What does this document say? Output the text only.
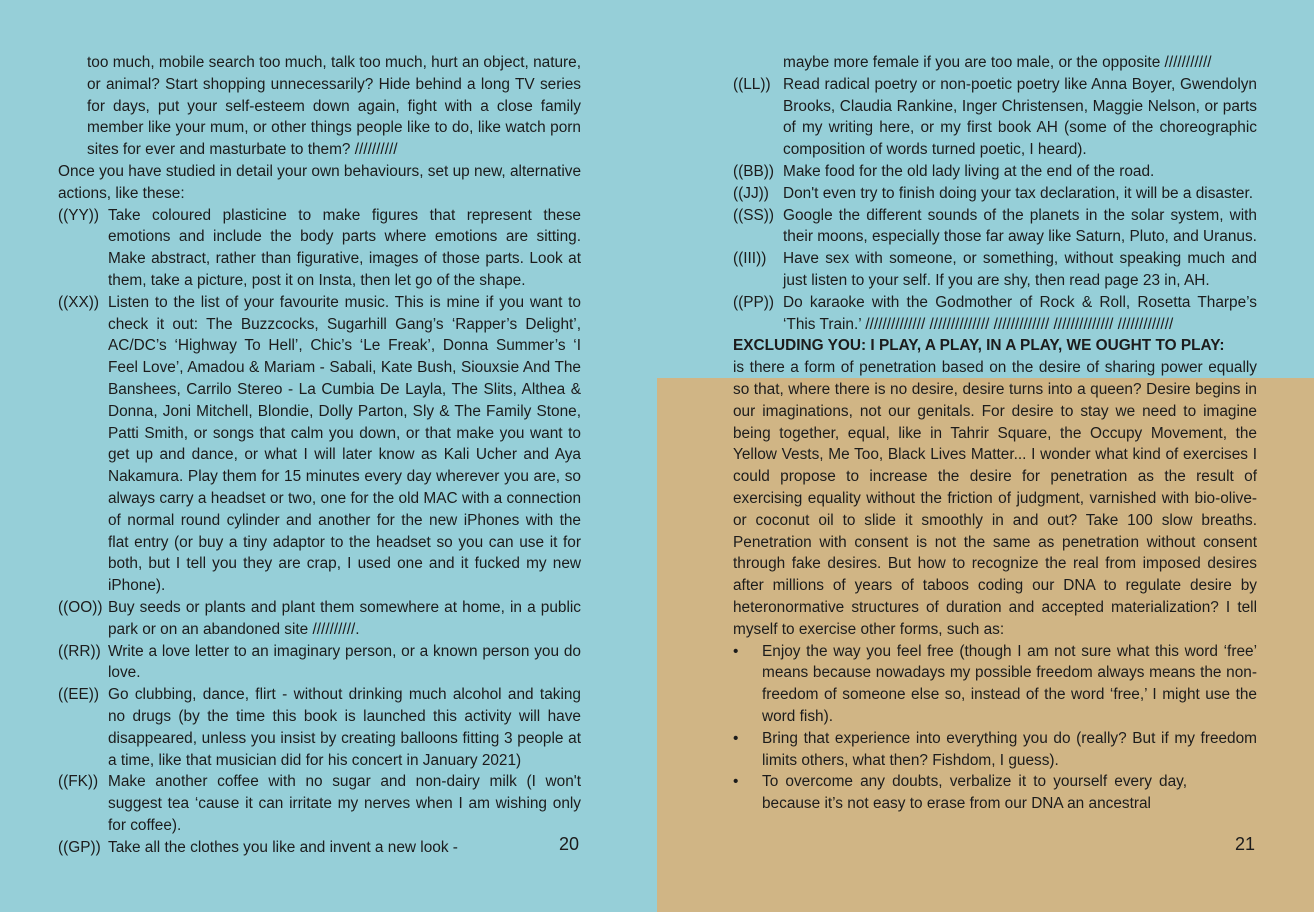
too much, mobile search too much, talk too much, hurt an object, nature, or animal? Start shopping unnecessarily? Hide behind a long TV series for days, put your self-esteem down again, fight with a close family member like your mum, or other things people like to do, like watch porn sites for ever and masturbate to them? //////////

Once you have studied in detail your own behaviours, set up new, alternative actions, like these:

((YY)) Take coloured plasticine to make figures that represent these emotions and include the body parts where emotions are sitting. Make abstract, rather than figurative, images of those parts. Look at them, take a picture, post it on Insta, then let go of the shape.
((XX)) Listen to the list of your favourite music. This is mine if you want to check it out: The Buzzcocks, Sugarhill Gang’s ‘Rapper’s Delight’, AC/DC’s ‘Highway To Hell’, Chic’s ‘Le Freak’, Donna Summer’s ‘I Feel Love’, Amadou & Mariam - Sabali, Kate Bush, Siouxsie And The Banshees, Carrilo Stereo - La Cumbia De Layla, The Slits, Althea & Donna, Joni Mitchell, Blondie, Dolly Parton, Sly & The Family Stone, Patti Smith, or songs that calm you down, or that make you want to get up and dance, or what I will later know as Kali Ucher and Aya Nakamura. Play them for 15 minutes every day wherever you are, so always carry a headset or two, one for the old MAC with a connection of normal round cylinder and another for the new iPhones with the flat entry (or buy a tiny adaptor to the headset so you can use it for both, but I tell you they are crap, I used one and it fucked my new iPhone).
((OO)) Buy seeds or plants and plant them somewhere at home, in a public park or on an abandoned site //////////.
((RR)) Write a love letter to an imaginary person, or a known person you do love.
((EE)) Go clubbing, dance, flirt - without drinking much alcohol and taking no drugs (by the time this book is launched this activity will have disappeared, unless you insist by creating balloons fitting 3 people at a time, like that musician did for his concert in January 2021)
((FK)) Make another coffee with no sugar and non-dairy milk (I won't suggest tea ‘cause it can irritate my nerves when I am wishing only for coffee).
((GP)) Take all the clothes you like and invent a new look -	20

maybe more female if you are too male, or the opposite ///////////

((LL)) Read radical poetry or non-poetic poetry like Anna Boyer, Gwendolyn Brooks, Claudia Rankine, Inger Christensen, Maggie Nelson, or parts of my writing here, or my first book AH (some of the choreographic composition of words turned poetic, I heard).
((BB)) Make food for the old lady living at the end of the road.
((JJ)) Don't even try to finish doing your tax declaration, it will be a disaster.
((SS)) Google the different sounds of the planets in the solar system, with their moons, especially those far away like Saturn, Pluto, and Uranus.
((III))	Have sex with someone, or something, without speaking much and just listen to your self. If you are shy, then read page 23 in, AH.
((PP)) Do karaoke with the Godmother of Rock & Roll, Rosetta Tharpe’s ‘This Train.’ ////////////// ////////////// ///////////// ////////////// /////////////

EXCLUDING YOU: I PLAY, A PLAY, IN A PLAY, WE OUGHT TO PLAY:

is there a form of penetration based on the desire of sharing power equally so that, where there is no desire, desire turns into a queen? Desire begins in our imaginations, not our genitals. For desire to stay we need to imagine being together, equal, like in Tahrir Square, the Occupy Movement, the Yellow Vests, Me Too, Black Lives Matter... I wonder what kind of exercises I could propose to increase the desire for penetration as the result of exercising equality without the friction of judgment, varnished with bio-olive- or coconut oil to slide it smoothly in and out? Take 100 slow breaths. Penetration with consent is not the same as penetration without consent through fake desires. But how to recognize the real from imposed desires after millions of years of taboos coding our DNA to regulate desire by heteronormative structures of duration and accepted materialization? I tell myself to exercise other forms, such as:

•	Enjoy the way you feel free (though I am not sure what this word ‘free’ means because nowadays my possible freedom always means the non-freedom of someone else so, instead of the word ‘free,’ I might use the word fish).
•	Bring that experience into everything you do (really? But if my freedom limits others, what then? Fishdom, I guess).
•	To overcome any doubts, verbalize it to yourself every day, because it’s not easy to erase from our DNA an ancestral
21
